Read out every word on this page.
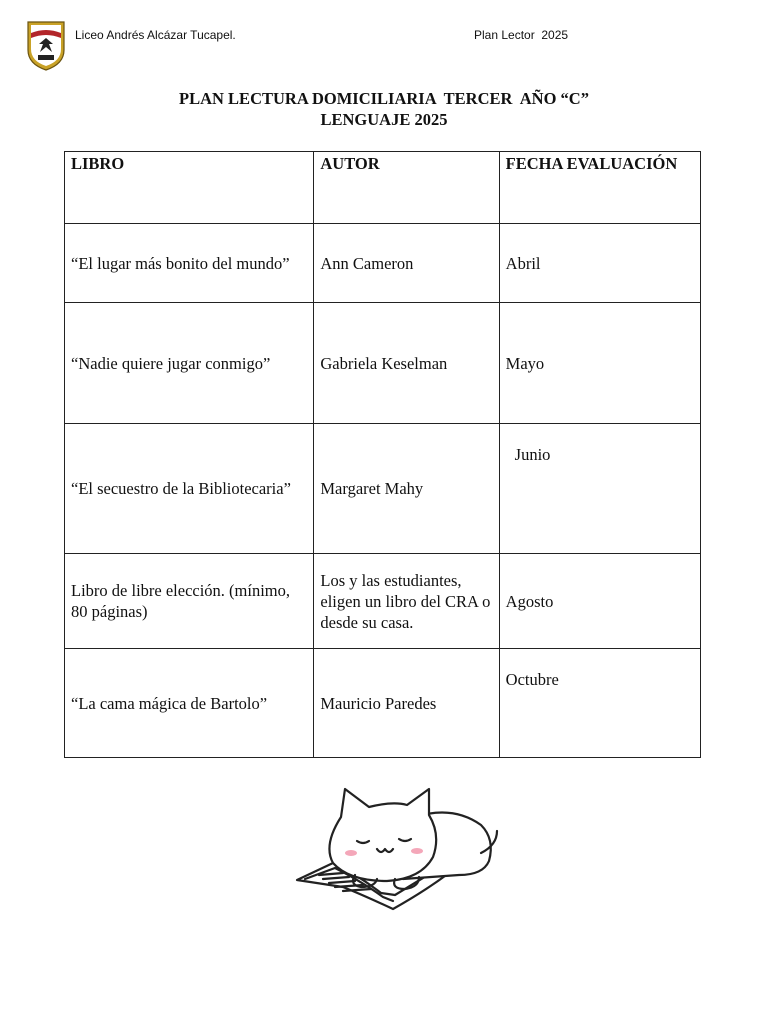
Liceo Andrés Alcázar Tucapel.	Plan Lector  2025
PLAN LECTURA DOMICILIARIA  TERCER  AÑO “C”
LENGUAJE 2025
LIBRO	AUTOR	FECHA EVALUACIÓN
“El lugar más bonito del mundo”	Ann Cameron	Abril
“Nadie quiere jugar conmigo”	Gabriela Keselman	Mayo
“El secuestro de la Bibliotecaria”	Margaret Mahy	Junio
Libro de libre elección. (mínimo, 80 páginas)	Los y las estudiantes, eligen un libro del CRA o desde su casa.	Agosto
“La cama mágica de Bartolo”	Mauricio Paredes	Octubre
